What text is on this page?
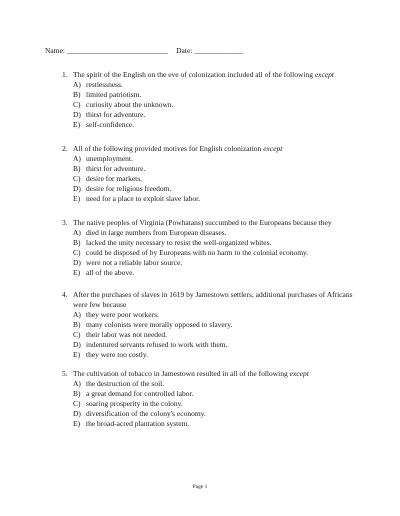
Name: ___________________________ Date: _____________
1. The spirit of the English on the eve of colonization included all of the following except
A) restlessness.
B) limited patriotism.
C) curiosity about the unknown.
D) thirst for adventure.
E) self-confidence.
2. All of the following provided motives for English colonization except
A) unemployment.
B) thirst for adventure.
C) desire for markets.
D) desire for religious freedom.
E) need for a place to exploit slave labor.
3. The native peoples of Virginia (Powhatans) succumbed to the Europeans because they
A) died in large numbers from European diseases.
B) lacked the unity necessary to resist the well-organized whites.
C) could be disposed of by Europeans with no harm to the colonial economy.
D) were not a reliable labor source.
E) all of the above.
4. After the purchases of slaves in 1619 by Jamestown settlers, additional purchases of Africans were few because
A) they were poor workers.
B) many colonists were morally opposed to slavery.
C) their labor was not needed.
D) indentured servants refused to work with them.
E) they were too costly.
5. The cultivation of tobacco in Jamestown resulted in all of the following except
A) the destruction of the soil.
B) a great demand for controlled labor.
C) soaring prosperity in the colony.
D) diversification of the colony's economy.
E) the broad-acred plantation system.
Page 1
